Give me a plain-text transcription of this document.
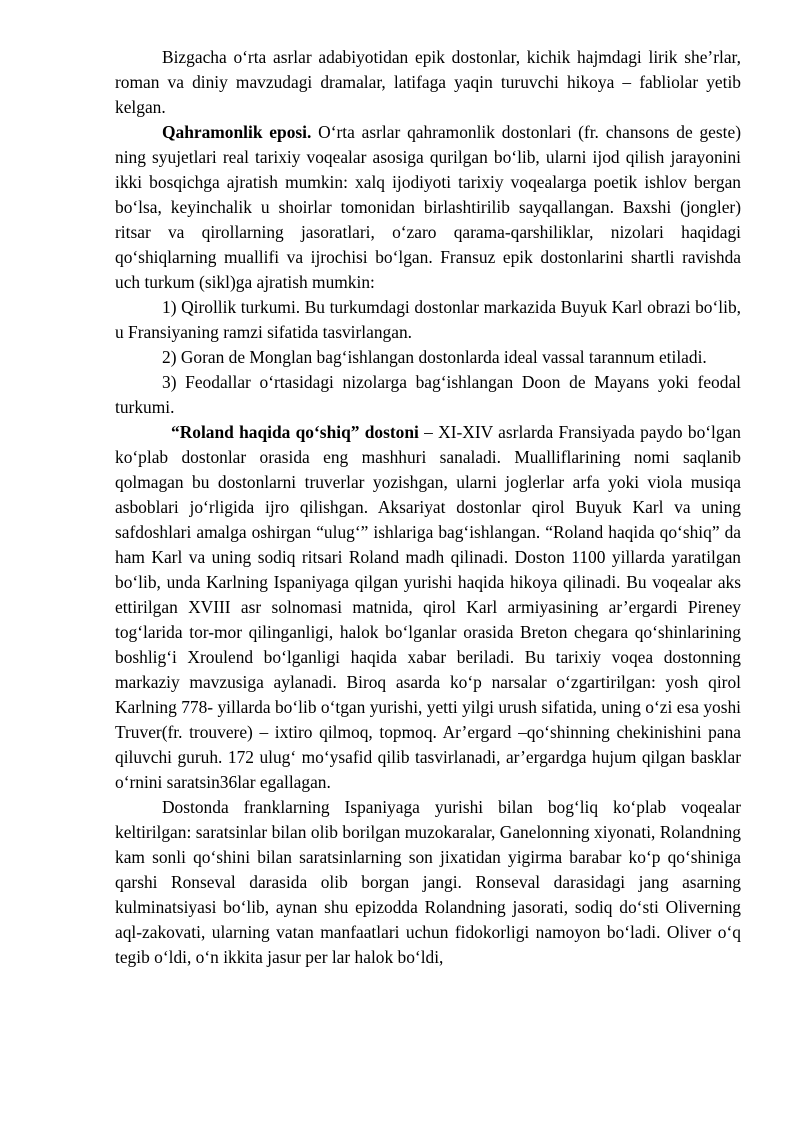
Bizgacha o‘rta asrlar adabiyotidan epik dostonlar, kichik hajmdagi lirik she’rlar, roman va diniy mavzudagi dramalar, latifaga yaqin turuvchi hikoya – fabliolar yetib kelgan.

Qahramonlik eposi. O‘rta asrlar qahramonlik dostonlari (fr. chansons de geste) ning syujetlari real tarixiy voqealar asosiga qurilgan bo‘lib, ularni ijod qilish jarayonini ikki bosqichga ajratish mumkin: xalq ijodiyoti tarixiy voqealarga poetik ishlov bergan bo‘lsa, keyinchalik u shoirlar tomonidan birlashtirilib sayqallangan. Baxshi (jongler) ritsar va qirollarning jasoratlari, o‘zaro qarama-qarshiliklar, nizolari haqidagi qo‘shiqlarning muallifi va ijrochisi bo‘lgan. Fransuz epik dostonlarini shartli ravishda uch turkum (sikl)ga ajratish mumkin:

1) Qirollik turkumi. Bu turkumdagi dostonlar markazida Buyuk Karl obrazi bo‘lib, u Fransiyaning ramzi sifatida tasvirlangan.

2) Goran de Monglan bag‘ishlangan dostonlarda ideal vassal tarannum etiladi.

3) Feodallar o‘rtasidagi nizolarga bag‘ishlangan Doon de Mayans yoki feodal turkumi.

“Roland haqida qo‘shiq” dostoni – XI-XIV asrlarda Fransiyada paydo bo‘lgan ko‘plab dostonlar orasida eng mashhuri sanaladi. Mualliflarining nomi saqlanib qolmagan bu dostonlarni truverlar yozishgan, ularni joglerlar arfa yoki viola musiqa asboblari jo‘rligida ijro qilishgan. Aksariyat dostonlar qirol Buyuk Karl va uning safdoshlari amalga oshirgan “ulug‘” ishlariga bag‘ishlangan. “Roland haqida qo‘shiq” da ham Karl va uning sodiq ritsari Roland madh qilinadi. Doston 1100 yillarda yaratilgan bo‘lib, unda Karlning Ispaniyaga qilgan yurishi haqida hikoya qilinadi. Bu voqealar aks ettirilgan XVIII asr solnomasi matnida, qirol Karl armiyasining ar’ergardi Pireney tog‘larida tor-mor qilinganligi, halok bo‘lganlar orasida Breton chegara qo‘shinlarining boshlig‘i Xroulend bo‘lganligi haqida xabar beriladi. Bu tarixiy voqea dostonning markaziy mavzusiga aylanadi. Biroq asarda ko‘p narsalar o‘zgartirilgan: yosh qirol Karlning 778- yillarda bo‘lib o‘tgan yurishi, yetti yilgi urush sifatida, uning o‘zi esa yoshi Truver(fr. trouvere) – ixtiro qilmoq, topmoq. Ar’ergard –qo‘shinning chekinishini pana qiluvchi guruh. 172 ulug‘ mo‘ysafid qilib tasvirlanadi, ar’ergardga hujum qilgan basklar o‘rnini saratsin36lar egallagan.

Dostonda franklarning Ispaniyaga yurishi bilan bog‘liq ko‘plab voqealar keltirilgan: saratsinlar bilan olib borilgan muzokaralar, Ganelonning xiyonati, Rolandning kam sonli qo‘shini bilan saratsinlarning son jixatidan yigirma barabar ko‘p qo‘shiniga qarshi Ronseval darasida olib borgan jangi. Ronseval darasidagi jang asarning kulminatsiyasi bo‘lib, aynan shu epizodda Rolandning jasorati, sodiq do‘sti Oliverning aql-zakovati, ularning vatan manfaatlari uchun fidokorligi namoyon bo‘ladi. Oliver o‘q tegib o‘ldi, o‘n ikkita jasur per lar halok bo‘ldi,
